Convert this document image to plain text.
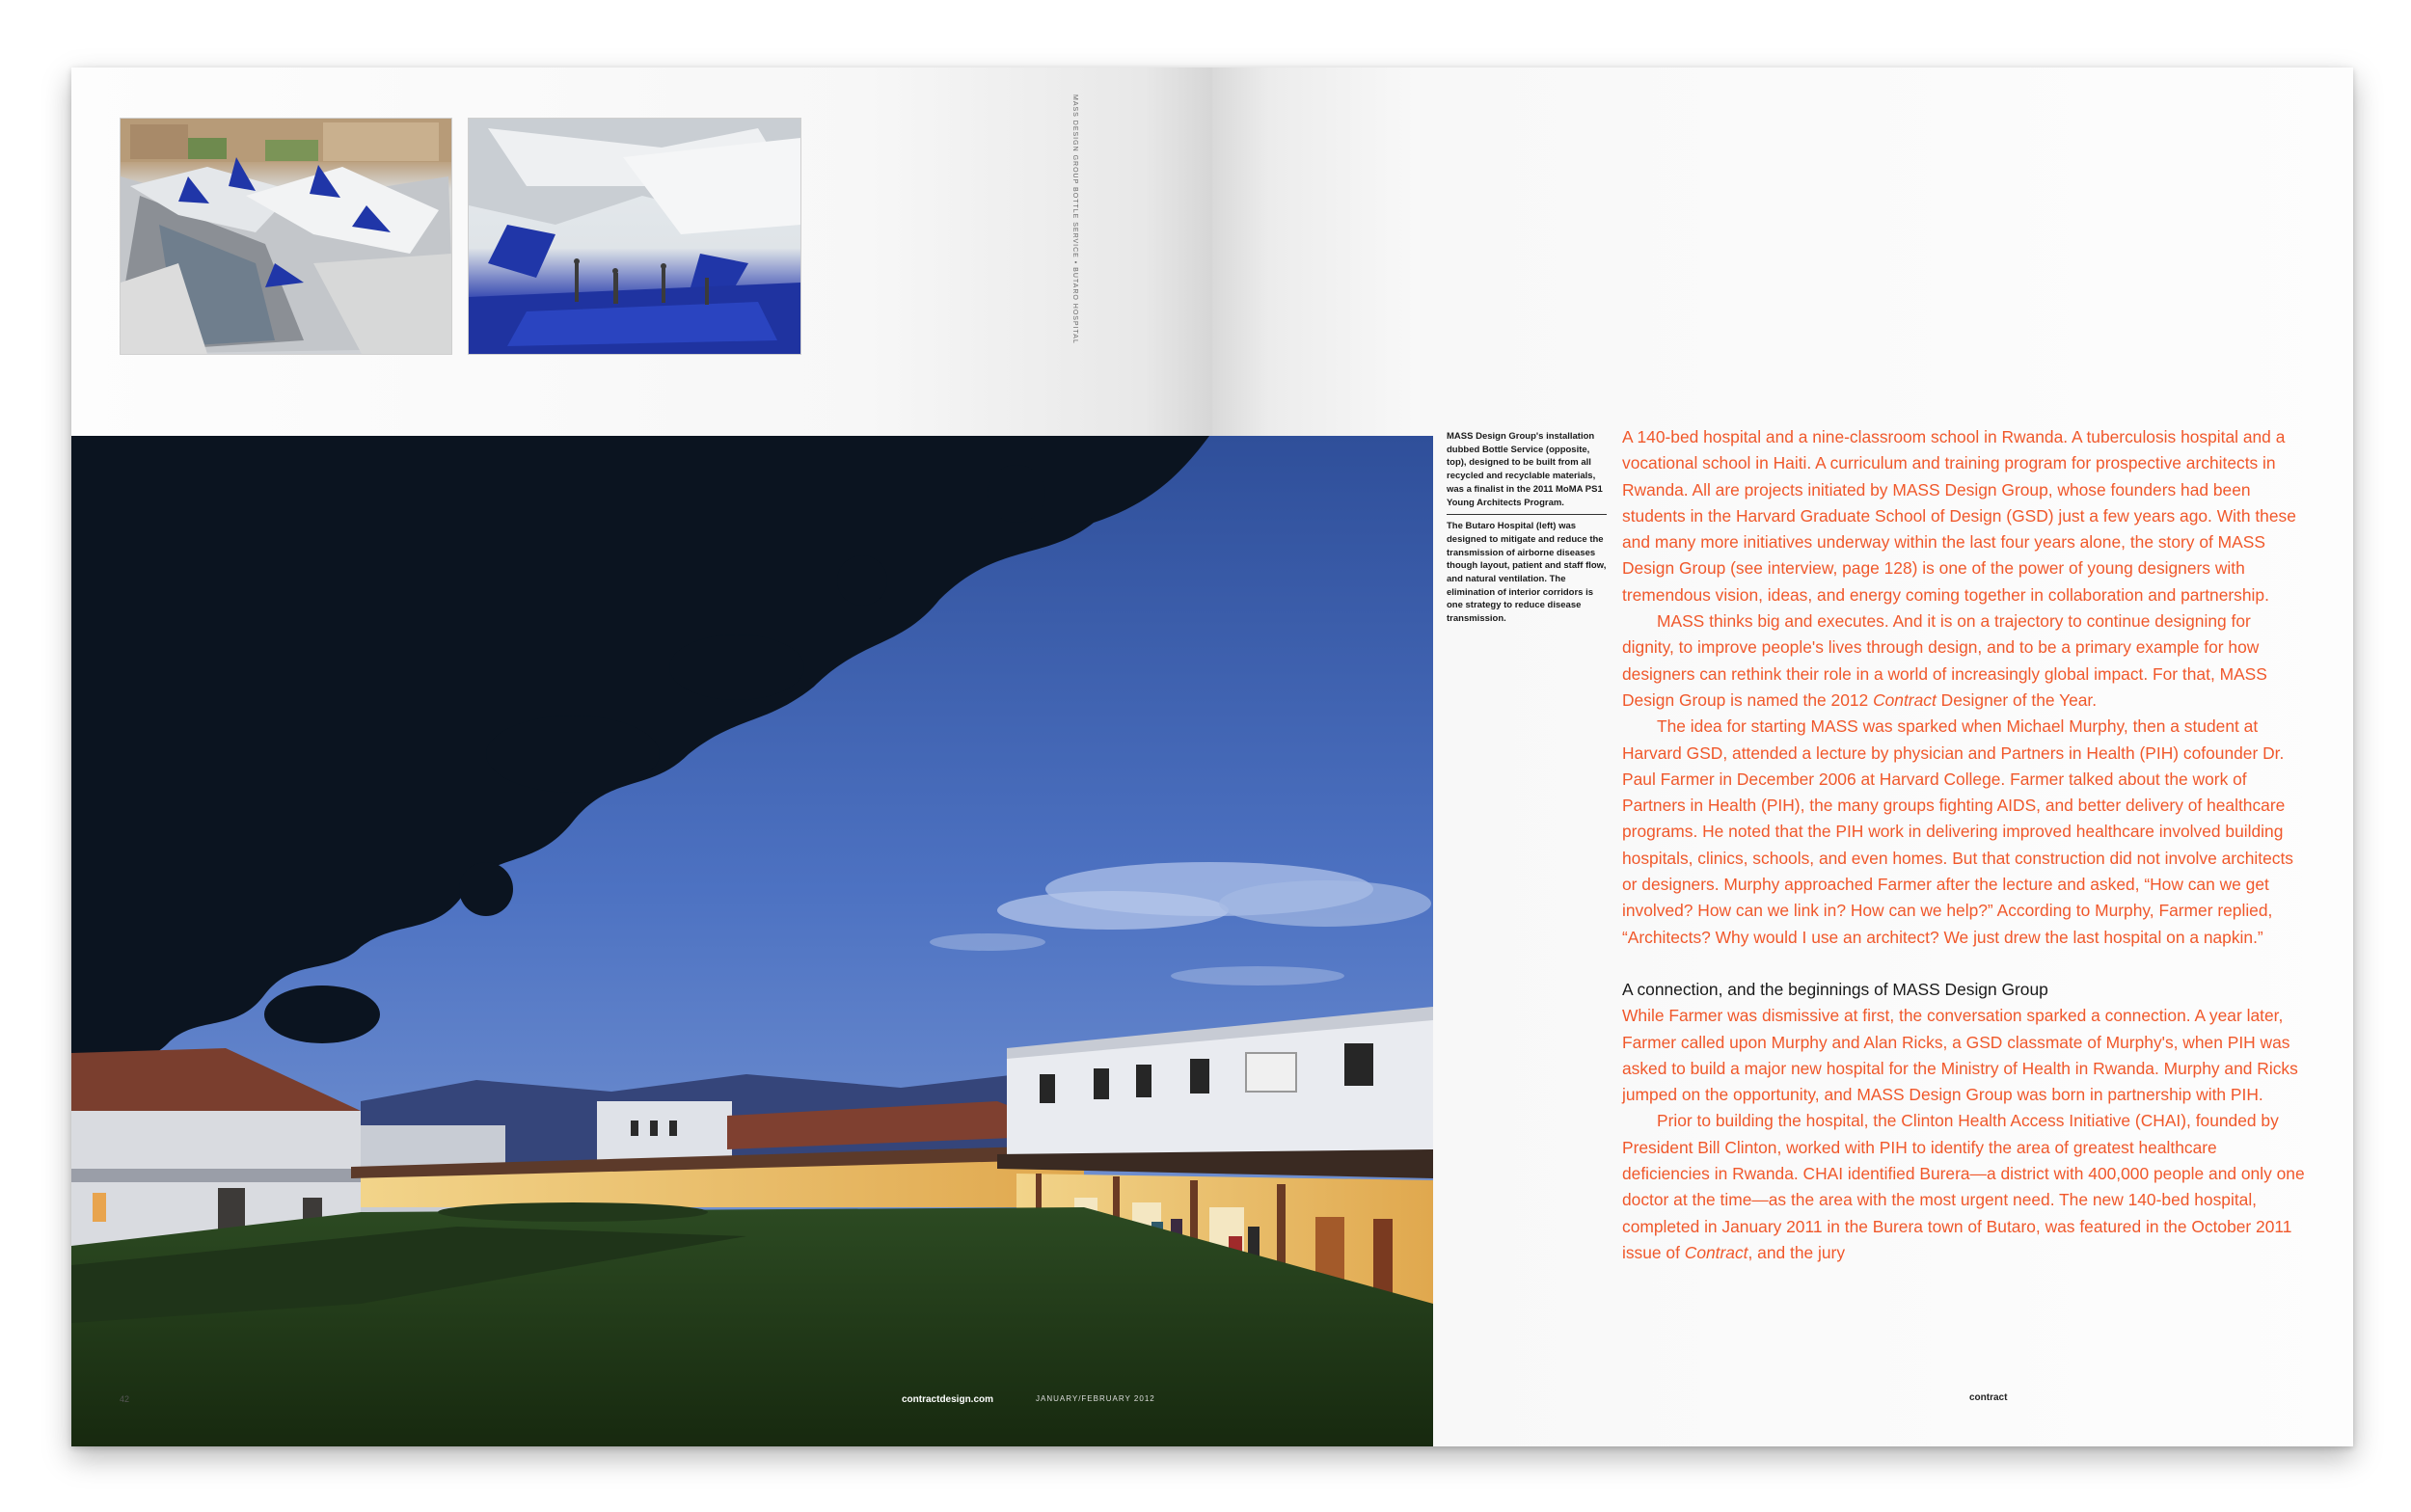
MASS DESIGN GROUP BOTTLE SERVICE • BUTARO HOSPITAL
42	contractdesign.com	JANUARY/FEBRUARY 2012	contract
MASS Design Group's installation dubbed Bottle Service (opposite, top), designed to be built from all recycled and recyclable materials, was a finalist in the 2011 MoMA PS1 Young Architects Program.
The Butaro Hospital (left) was designed to mitigate and reduce the transmission of airborne diseases though layout, patient and staff flow, and natural ventilation. The elimination of interior corridors is one strategy to reduce disease transmission.

A 140-bed hospital and a nine-classroom school in Rwanda. A tuberculosis hospital and a vocational school in Haiti. A curriculum and training program for prospective architects in Rwanda. All are projects initiated by MASS Design Group, whose founders had been students in the Harvard Graduate School of Design (GSD) just a few years ago. With these and many more initiatives underway within the last four years alone, the story of MASS Design Group (see interview, page 128) is one of the power of young designers with tremendous vision, ideas, and energy coming together in collaboration and partnership.

MASS thinks big and executes. And it is on a trajectory to continue designing for dignity, to improve people's lives through design, and to be a primary example for how designers can rethink their role in a world of increasingly global impact. For that, MASS Design Group is named the 2012 Contract Designer of the Year.

The idea for starting MASS was sparked when Michael Murphy, then a student at Harvard GSD, attended a lecture by physician and Partners in Health (PIH) cofounder Dr. Paul Farmer in December 2006 at Harvard College. Farmer talked about the work of Partners in Health (PIH), the many groups fighting AIDS, and better delivery of healthcare programs. He noted that the PIH work in delivering improved healthcare involved building hospitals, clinics, schools, and even homes. But that construction did not involve architects or designers. Murphy approached Farmer after the lecture and asked, “How can we get involved? How can we link in? How can we help?” According to Murphy, Farmer replied, “Architects? Why would I use an architect? We just drew the last hospital on a napkin.”

A connection, and the beginnings of MASS Design Group

While Farmer was dismissive at first, the conversation sparked a connection. A year later, Farmer called upon Murphy and Alan Ricks, a GSD classmate of Murphy's, when PIH was asked to build a major new hospital for the Ministry of Health in Rwanda. Murphy and Ricks jumped on the opportunity, and MASS Design Group was born in partnership with PIH.

Prior to building the hospital, the Clinton Health Access Initiative (CHAI), founded by President Bill Clinton, worked with PIH to identify the area of greatest healthcare deficiencies in Rwanda. CHAI identified Burera—a district with 400,000 people and only one doctor at the time—as the area with the most urgent need. The new 140-bed hospital, completed in January 2011 in the Burera town of Butaro, was featured in the October 2011 issue of Contract, and the jury
